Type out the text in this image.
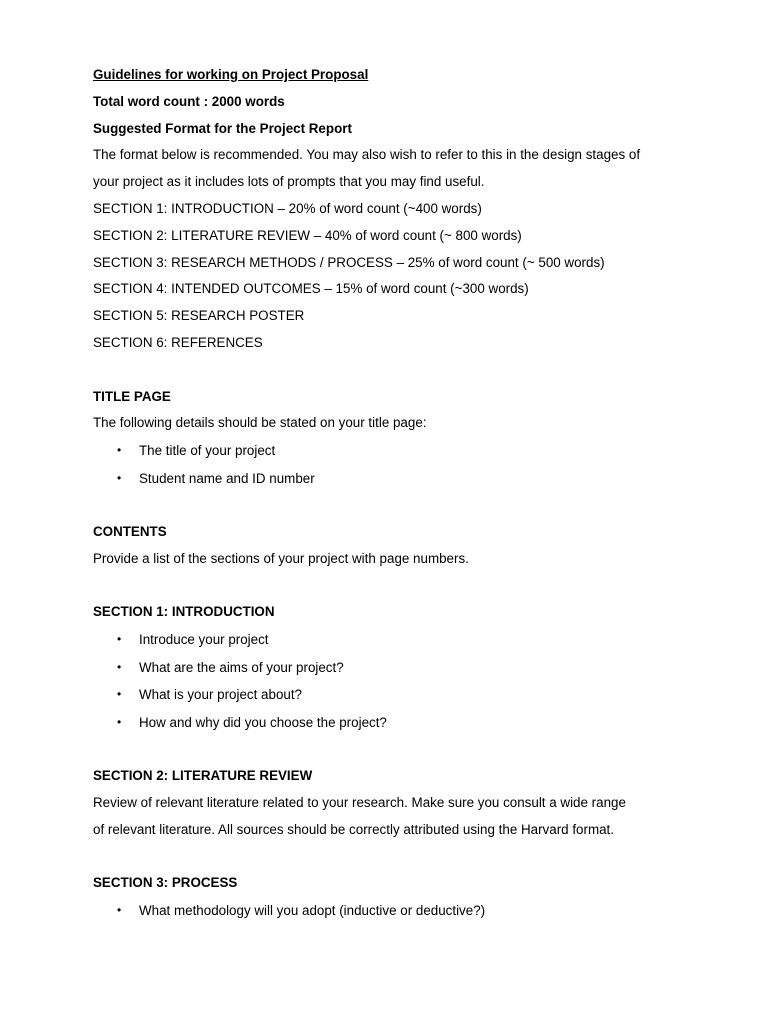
Guidelines for working on Project Proposal

Total word count : 2000 words

Suggested Format for the Project Report

The format below is recommended. You may also wish to refer to this in the design stages of

your project as it includes lots of prompts that you may find useful.

SECTION 1: INTRODUCTION – 20% of word count (~400 words)

SECTION 2: LITERATURE REVIEW – 40% of word count (~ 800 words)

SECTION 3: RESEARCH METHODS / PROCESS – 25% of word count (~ 500 words)

SECTION 4: INTENDED OUTCOMES – 15% of word count (~300 words)

SECTION 5: RESEARCH POSTER

SECTION 6: REFERENCES

TITLE PAGE

The following details should be stated on your title page:

• The title of your project
• Student name and ID number

CONTENTS

Provide a list of the sections of your project with page numbers.

SECTION 1: INTRODUCTION

• Introduce your project
• What are the aims of your project?
• What is your project about?
• How and why did you choose the project?

SECTION 2: LITERATURE REVIEW

Review of relevant literature related to your research. Make sure you consult a wide range

of relevant literature. All sources should be correctly attributed using the Harvard format.

SECTION 3: PROCESS

• What methodology will you adopt (inductive or deductive?)
